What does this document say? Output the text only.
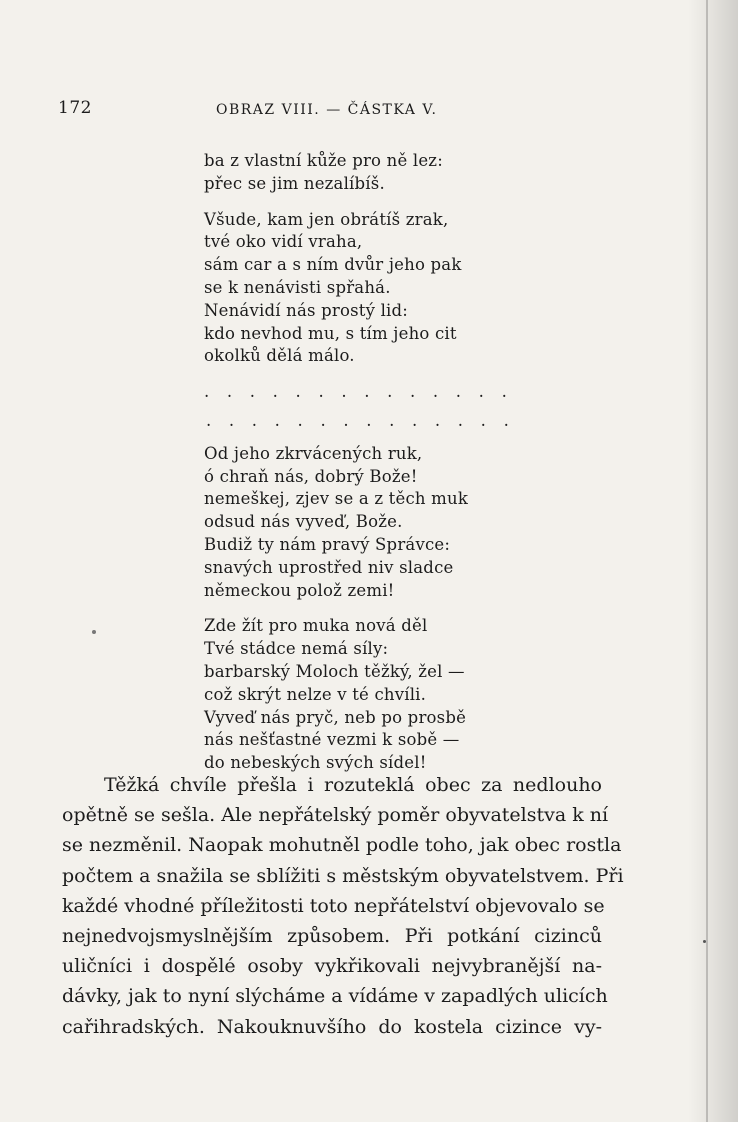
172	OBRAZ VIII. — ČÁSTKA V.
ba z vlastní kůže pro ně lez:
přec se jim nezalíbíš.
Všude, kam jen obrátíš zrak,
tvé oko vidí vraha,
sám car a s ním dvůr jeho pak
se k nenávisti spřahá.
Nenávidí nás prostý lid:
kdo nevhod mu, s tím jeho cit
okolků dělá málo.
. . . . . . . . . . . . . .
. . . . . . . . . . . . . .
Od jeho zkrvácených ruk,
ó chraň nás, dobrý Bože!
nemeškej, zjev se a z těch muk
odsud nás vyveď, Bože.
Budiž ty nám pravý Správce:
snavých uprostřed niv sladce
německou polož zemi!
Zde žít pro muka nová děl
Tvé stádce nemá síly:
barbarský Moloch těžký, žel —
což skrýt nelze v té chvíli.
Vyveď nás pryč, neb po prosbě
nás nešťastné vezmi k sobě —
do nebeských svých sídel!
Těžká chvíle přešla i rozuteklá obec za nedlouho
opětně se sešla. Ale nepřátelský poměr obyvatelstva k ní
se nezměnil. Naopak mohutněl podle toho, jak obec rostla
počtem a snažila se sblížiti s městským obyvatelstvem. Při
každé vhodné příležitosti toto nepřátelství objevovalo se
nejnedvojsmyslnějším způsobem. Při potkání cizinců
uličníci i dospělé osoby vykřikovali nejvybranější na-
dávky, jak to nyní slýcháme a vídáme v zapadlých ulicích
cařihradských. Nakouknuvšího do kostela cizince vy-
